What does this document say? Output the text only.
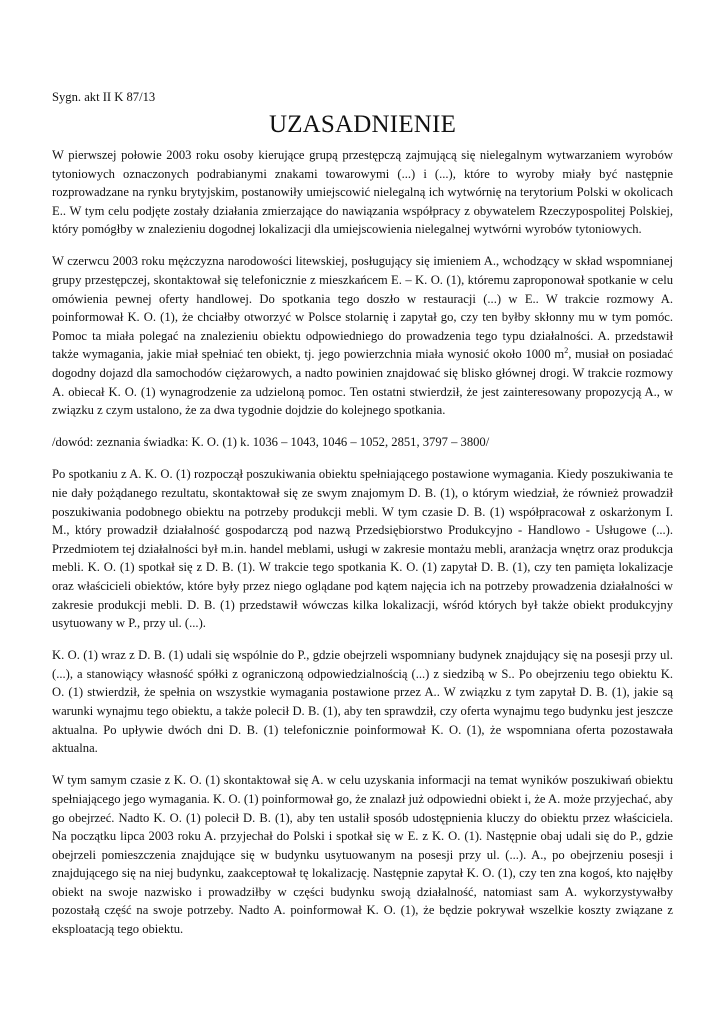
Sygn. akt II K 87/13
UZASADNIENIE

W pierwszej połowie 2003 roku osoby kierujące grupą przestępczą zajmującą się nielegalnym wytwarzaniem wyrobów tytoniowych oznaczonych podrabianymi znakami towarowymi (...) i (...), które to wyroby miały być następnie rozprowadzane na rynku brytyjskim, postanowiły umiejscowić nielegalną ich wytwórnię na terytorium Polski w okolicach E.. W tym celu podjęte zostały działania zmierzające do nawiązania współpracy z obywatelem Rzeczypospolitej Polskiej, który pomógłby w znalezieniu dogodnej lokalizacji dla umiejscowienia nielegalnej wytwórni wyrobów tytoniowych.

W czerwcu 2003 roku mężczyzna narodowości litewskiej, posługujący się imieniem A., wchodzący w skład wspomnianej grupy przestępczej, skontaktował się telefonicznie z mieszkańcem E. – K. O. (1), któremu zaproponował spotkanie w celu omówienia pewnej oferty handlowej. Do spotkania tego doszło w restauracji (...) w E.. W trakcie rozmowy A. poinformował K. O. (1), że chciałby otworzyć w Polsce stolarnię i zapytał go, czy ten byłby skłonny mu w tym pomóc. Pomoc ta miała polegać na znalezieniu obiektu odpowiedniego do prowadzenia tego typu działalności. A. przedstawił także wymagania, jakie miał spełniać ten obiekt, tj. jego powierzchnia miała wynosić około 1000 $m^2$, musiał on posiadać dogodny dojazd dla samochodów ciężarowych, a nadto powinien znajdować się blisko głównej drogi. W trakcie rozmowy A. obiecał K. O. (1) wynagrodzenie za udzieloną pomoc. Ten ostatni stwierdził, że jest zainteresowany propozycją A., w związku z czym ustalono, że za dwa tygodnie dojdzie do kolejnego spotkania.

/dowód: zeznania świadka: K. O. (1) k. 1036 – 1043, 1046 – 1052, 2851, 3797 – 3800/

Po spotkaniu z A. K. O. (1) rozpoczął poszukiwania obiektu spełniającego postawione wymagania. Kiedy poszukiwania te nie dały pożądanego rezultatu, skontaktował się ze swym znajomym D. B. (1), o którym wiedział, że również prowadził poszukiwania podobnego obiektu na potrzeby produkcji mebli. W tym czasie D. B. (1) współpracował z oskarżonym I. M., który prowadził działalność gospodarczą pod nazwą Przedsiębiorstwo Produkcyjno - Handlowo - Usługowe (...). Przedmiotem tej działalności był m.in. handel meblami, usługi w zakresie montażu mebli, aranżacja wnętrz oraz produkcja mebli. K. O. (1) spotkał się z D. B. (1). W trakcie tego spotkania K. O. (1) zapytał D. B. (1), czy ten pamięta lokalizacje oraz właścicieli obiektów, które były przez niego oglądane pod kątem najęcia ich na potrzeby prowadzenia działalności w zakresie produkcji mebli. D. B. (1) przedstawił wówczas kilka lokalizacji, wśród których był także obiekt produkcyjny usytuowany w P., przy ul. (...).

K. O. (1) wraz z D. B. (1) udali się wspólnie do P., gdzie obejrzeli wspomniany budynek znajdujący się na posesji przy ul. (...), a stanowiący własność spółki z ograniczoną odpowiedzialnością (...) z siedzibą w S.. Po obejrzeniu tego obiektu K. O. (1) stwierdził, że spełnia on wszystkie wymagania postawione przez A.. W związku z tym zapytał D. B. (1), jakie są warunki wynajmu tego obiektu, a także polecił D. B. (1), aby ten sprawdził, czy oferta wynajmu tego budynku jest jeszcze aktualna. Po upływie dwóch dni D. B. (1) telefonicznie poinformował K. O. (1), że wspomniana oferta pozostawała aktualna.

W tym samym czasie z K. O. (1) skontaktował się A. w celu uzyskania informacji na temat wyników poszukiwań obiektu spełniającego jego wymagania. K. O. (1) poinformował go, że znalazł już odpowiedni obiekt i, że A. może przyjechać, aby go obejrzeć. Nadto K. O. (1) polecił D. B. (1), aby ten ustalił sposób udostępnienia kluczy do obiektu przez właściciela. Na początku lipca 2003 roku A. przyjechał do Polski i spotkał się w E. z K. O. (1). Następnie obaj udali się do P., gdzie obejrzeli pomieszczenia znajdujące się w budynku usytuowanym na posesji przy ul. (...). A., po obejrzeniu posesji i znajdującego się na niej budynku, zaakceptował tę lokalizację. Następnie zapytał K. O. (1), czy ten zna kogoś, kto najęłby obiekt na swoje nazwisko i prowadziłby w części budynku swoją działalność, natomiast sam A. wykorzystywałby pozostałą część na swoje potrzeby. Nadto A. poinformował K. O. (1), że będzie pokrywał wszelkie koszty związane z eksploatacją tego obiektu.
